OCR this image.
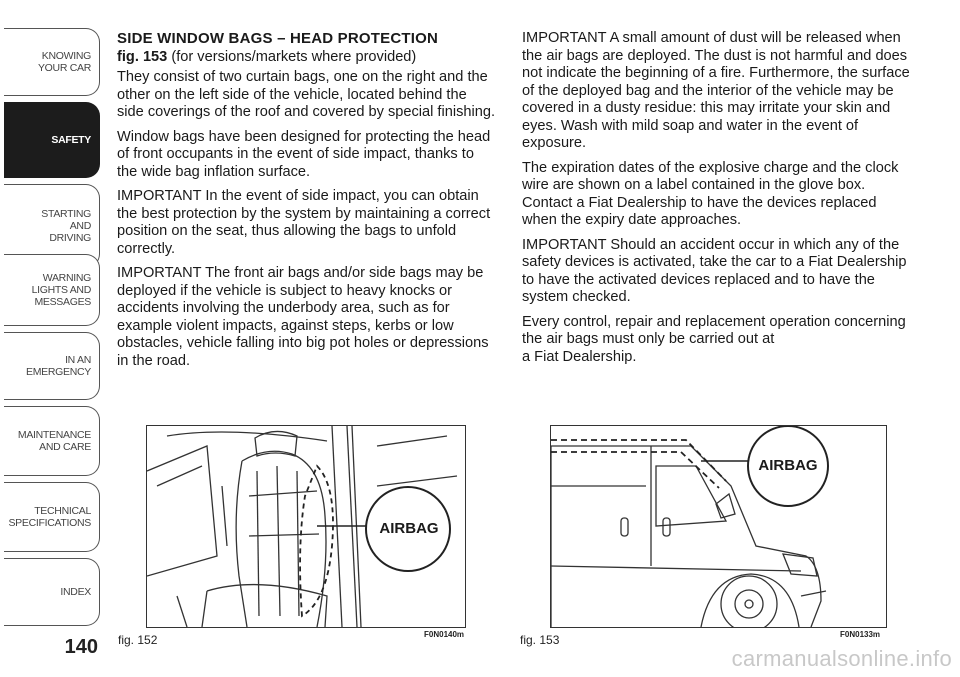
KNOWING
YOUR CAR
SAFETY
STARTING
AND
DRIVING
WARNING
LIGHTS AND
MESSAGES
IN AN
EMERGENCY
MAINTENANCE
AND CARE
TECHNICAL
SPECIFICATIONS
INDEX
140

SIDE WINDOW BAGS – HEAD PROTECTION
fig. 153 (for versions/markets where provided)

They consist of two curtain bags, one on the right and the other on the left side of the vehicle, located behind the side coverings of the roof and covered by special finishing.

Window bags have been designed for protecting the head of front occupants in the event of side impact, thanks to the wide bag inflation surface.

IMPORTANT In the event of side impact, you can obtain the best protection by the system by maintaining a correct position on the seat, thus allowing the bags to unfold correctly.

IMPORTANT The front air bags and/or side bags may be deployed if the vehicle is subject to heavy knocks or accidents involving the underbody area, such as for example violent impacts, against steps, kerbs or low obstacles, vehicle falling into big pot holes or depressions in the road.

IMPORTANT A small amount of dust will be released when the air bags are deployed. The dust is not harmful and does not indicate the beginning of a fire. Furthermore, the surface of the deployed bag and the interior of the vehicle may be covered in a dusty residue: this may irritate your skin and eyes. Wash with mild soap and water in the event of exposure.

The expiration dates of the explosive charge and the clock wire are shown on a label contained in the glove box. Contact a Fiat Dealership to have the devices replaced when the expiry date approaches.

IMPORTANT Should an accident occur in which any of the safety devices is activated, take the car to a Fiat Dealership to have the activated devices replaced and to have the system checked.

Every control, repair and replacement operation concerning the air bags must only be carried out at
a Fiat Dealership.

AIRBAG
fig. 152	F0N0140m
AIRBAG
fig. 153	F0N0133m
carmanualsonline.info
